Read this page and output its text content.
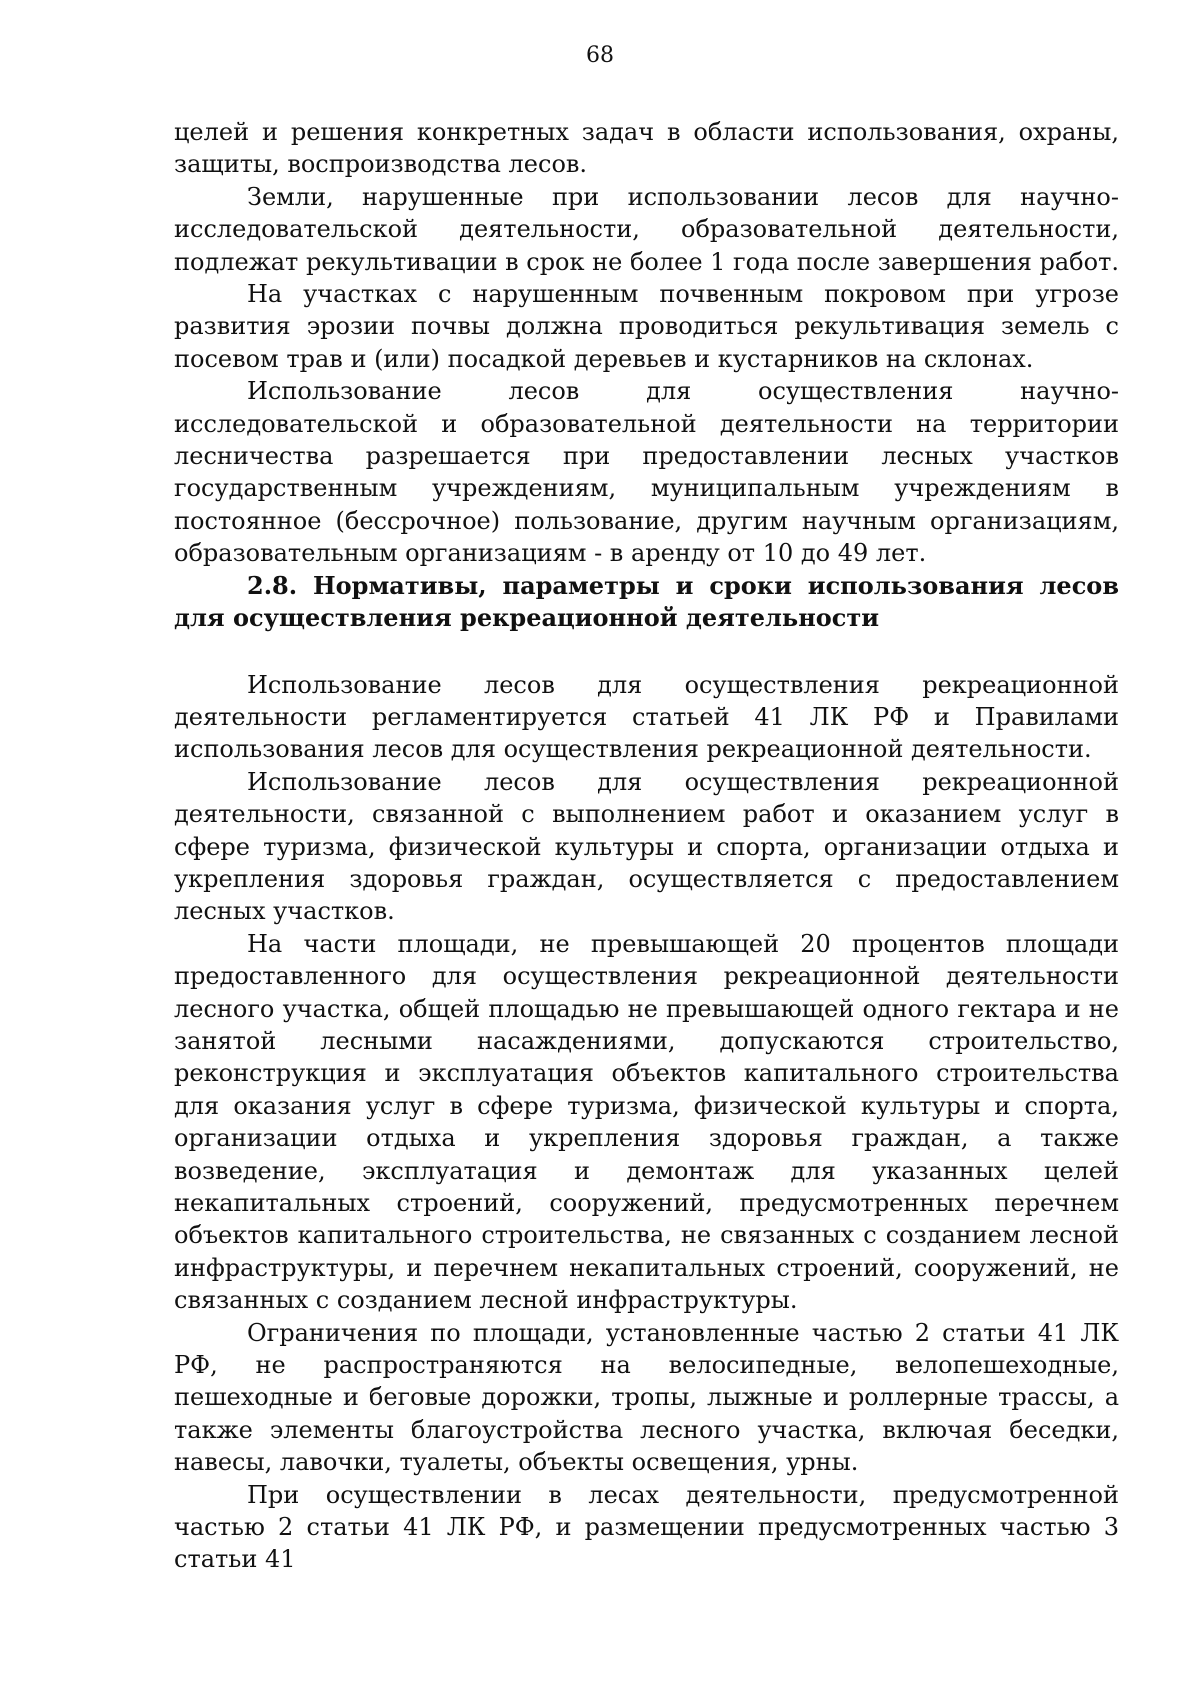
68

целей и решения конкретных задач в области использования, охраны, защиты, воспроизводства лесов.

Земли, нарушенные при использовании лесов для научно-исследовательской деятельности, образовательной деятельности, подлежат рекультивации в срок не более 1 года после завершения работ.

На участках с нарушенным почвенным покровом при угрозе развития эрозии почвы должна проводиться рекультивация земель с посевом трав и (или) посадкой деревьев и кустарников на склонах.

Использование лесов для осуществления научно-исследовательской и образовательной деятельности на территории лесничества разрешается при предоставлении лесных участков государственным учреждениям, муниципальным учреждениям в постоянное (бессрочное) пользование, другим научным организациям, образовательным организациям - в аренду от 10 до 49 лет.

2.8. Нормативы, параметры и сроки использования лесов для осуществления рекреационной деятельности

Использование лесов для осуществления рекреационной деятельности регламентируется статьей 41 ЛК РФ и Правилами использования лесов для осуществления рекреационной деятельности.

Использование лесов для осуществления рекреационной деятельности, связанной с выполнением работ и оказанием услуг в сфере туризма, физической культуры и спорта, организации отдыха и укрепления здоровья граждан, осуществляется с предоставлением лесных участков.

На части площади, не превышающей 20 процентов площади предоставленного для осуществления рекреационной деятельности лесного участка, общей площадью не превышающей одного гектара и не занятой лесными насаждениями, допускаются строительство, реконструкция и эксплуатация объектов капитального строительства для оказания услуг в сфере туризма, физической культуры и спорта, организации отдыха и укрепления здоровья граждан, а также возведение, эксплуатация и демонтаж для указанных целей некапитальных строений, сооружений, предусмотренных перечнем объектов капитального строительства, не связанных с созданием лесной инфраструктуры, и перечнем некапитальных строений, сооружений, не связанных с созданием лесной инфраструктуры.

Ограничения по площади, установленные частью 2 статьи 41 ЛК РФ, не распространяются на велосипедные, велопешеходные, пешеходные и беговые дорожки, тропы, лыжные и роллерные трассы, а также элементы благоустройства лесного участка, включая беседки, навесы, лавочки, туалеты, объекты освещения, урны.

При осуществлении в лесах деятельности, предусмотренной частью 2 статьи 41 ЛК РФ, и размещении предусмотренных частью 3 статьи 41
